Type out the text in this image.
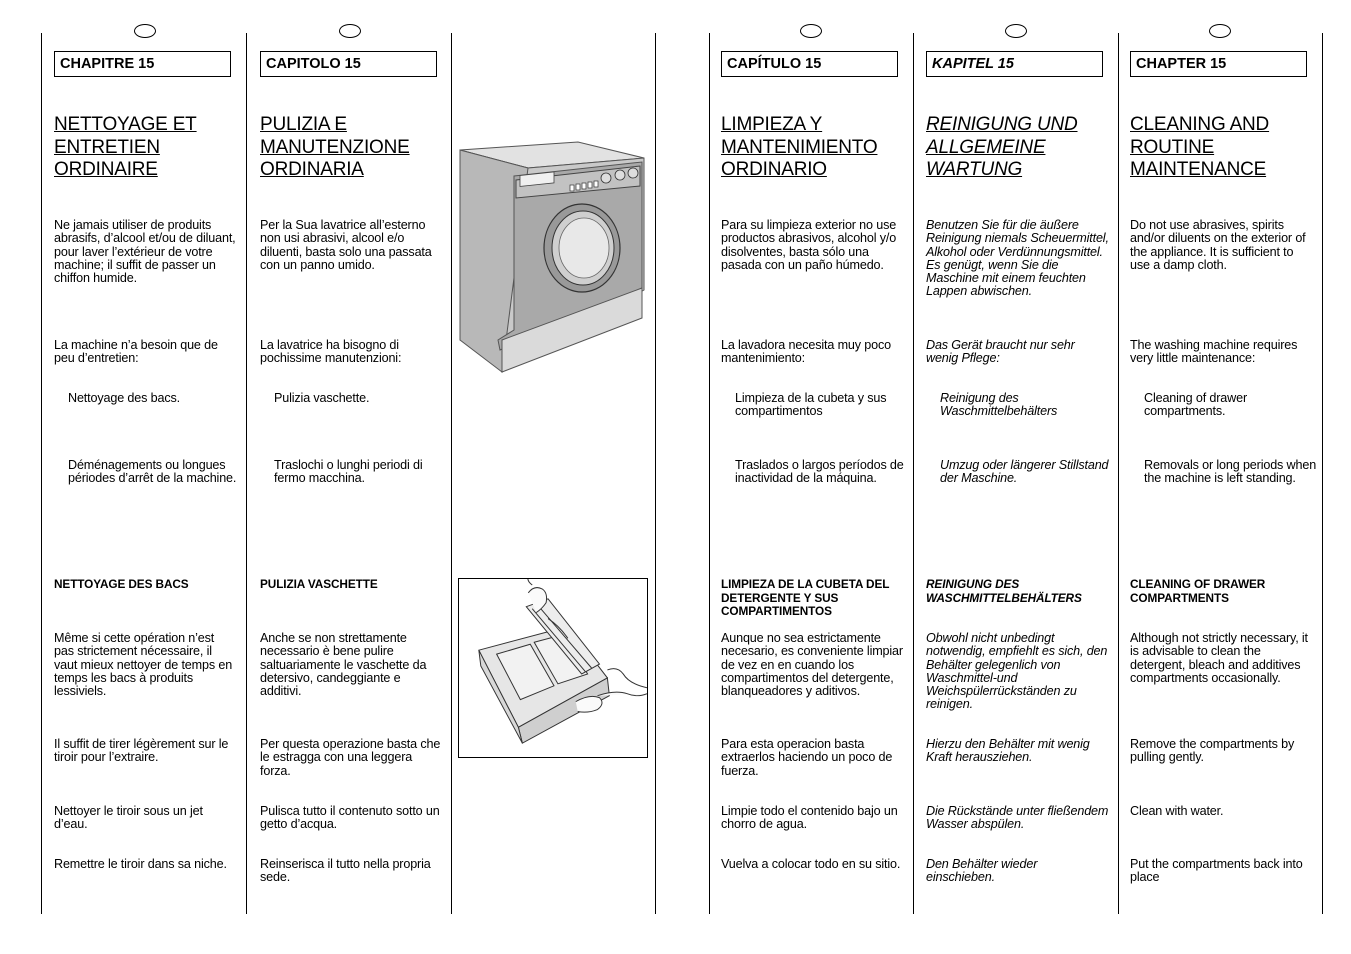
CHAPITRE 15
NETTOYAGE ET ENTRETIEN ORDINAIRE
Ne jamais utiliser de produits abrasifs, d’alcool et/ou de diluant, pour laver l’extérieur de votre machine; il suffit de passer un chiffon humide.
La machine n’a besoin que de peu d’entretien:
Nettoyage des bacs.
Déménagements ou longues périodes d’arrêt de la machine.
NETTOYAGE DES BACS
Même si cette opération n’est pas strictement nécessaire, il vaut mieux nettoyer de temps en temps les bacs à produits lessiviels.
Il suffit de tirer légèrement sur le tiroir pour l’extraire.
Nettoyer le tiroir sous un jet d’eau.
Remettre le tiroir dans sa niche.
CAPITOLO 15
PULIZIA E MANUTENZIONE ORDINARIA
Per la Sua lavatrice all’esterno non usi abrasivi, alcool e/o diluenti, basta solo una passata con un panno umido.
La lavatrice ha bisogno di pochissime manutenzioni:
Pulizia vaschette.
Traslochi o lunghi periodi di fermo macchina.
PULIZIA VASCHETTE
Anche se non strettamente necessario è bene pulire saltuariamente le vaschette da detersivo, candeggiante e additivi.
Per questa operazione basta che le estragga con una leggera forza.
Pulisca tutto il contenuto sotto un getto d’acqua.
Reinserisca il tutto nella propria sede.
CAPÍTULO 15
LIMPIEZA Y MANTENIMIENTO ORDINARIO
Para su limpieza exterior no use productos abrasivos, alcohol y/o disolventes, basta sólo una pasada con un paño húmedo.
La lavadora necesita muy poco mantenimiento:
Limpieza de la cubeta y sus compartimentos
Traslados o largos períodos de inactividad de la máquina.
LIMPIEZA DE LA CUBETA DEL DETERGENTE Y SUS COMPARTIMENTOS
Aunque no sea estrictamente necesario, es conveniente limpiar de vez en en cuando los compartimentos del detergente, blanqueadores y aditivos.
Para esta operacion basta extraerlos haciendo un poco de fuerza.
Limpie todo el contenido bajo un chorro de agua.
Vuelva a colocar todo en su sitio.
KAPITEL 15
REINIGUNG UND ALLGEMEINE WARTUNG
Benutzen Sie für die äußere Reinigung niemals Scheuermittel, Alkohol oder Verdünnungsmittel. Es genügt, wenn Sie die Maschine mit einem feuchten Lappen abwischen.
Das Gerät braucht nur sehr wenig Pflege:
Reinigung des Waschmittelbehälters
Umzug oder längerer Stillstand der Maschine.
REINIGUNG DES WASCHMITTELBEHÄLTERS
Obwohl nicht unbedingt notwendig, empfiehlt es sich, den Behälter gelegenlich von Waschmittel-und Weichspülerrückständen zu reinigen.
Hierzu den Behälter mit wenig Kraft herausziehen.
Die Rückstände unter fließendem Wasser abspülen.
Den Behälter wieder einschieben.
CHAPTER 15
CLEANING AND ROUTINE MAINTENANCE
Do not use abrasives, spirits and/or diluents on the exterior of the appliance. It is sufficient to use a damp cloth.
The washing machine requires very little maintenance:
Cleaning of drawer compartments.
Removals or long periods when the machine is left standing.
CLEANING OF DRAWER COMPARTMENTS
Although not strictly necessary, it is advisable to clean the detergent, bleach and additives compartments occasionally.
Remove the compartments by pulling gently.
Clean with water.
Put the compartments back into place
